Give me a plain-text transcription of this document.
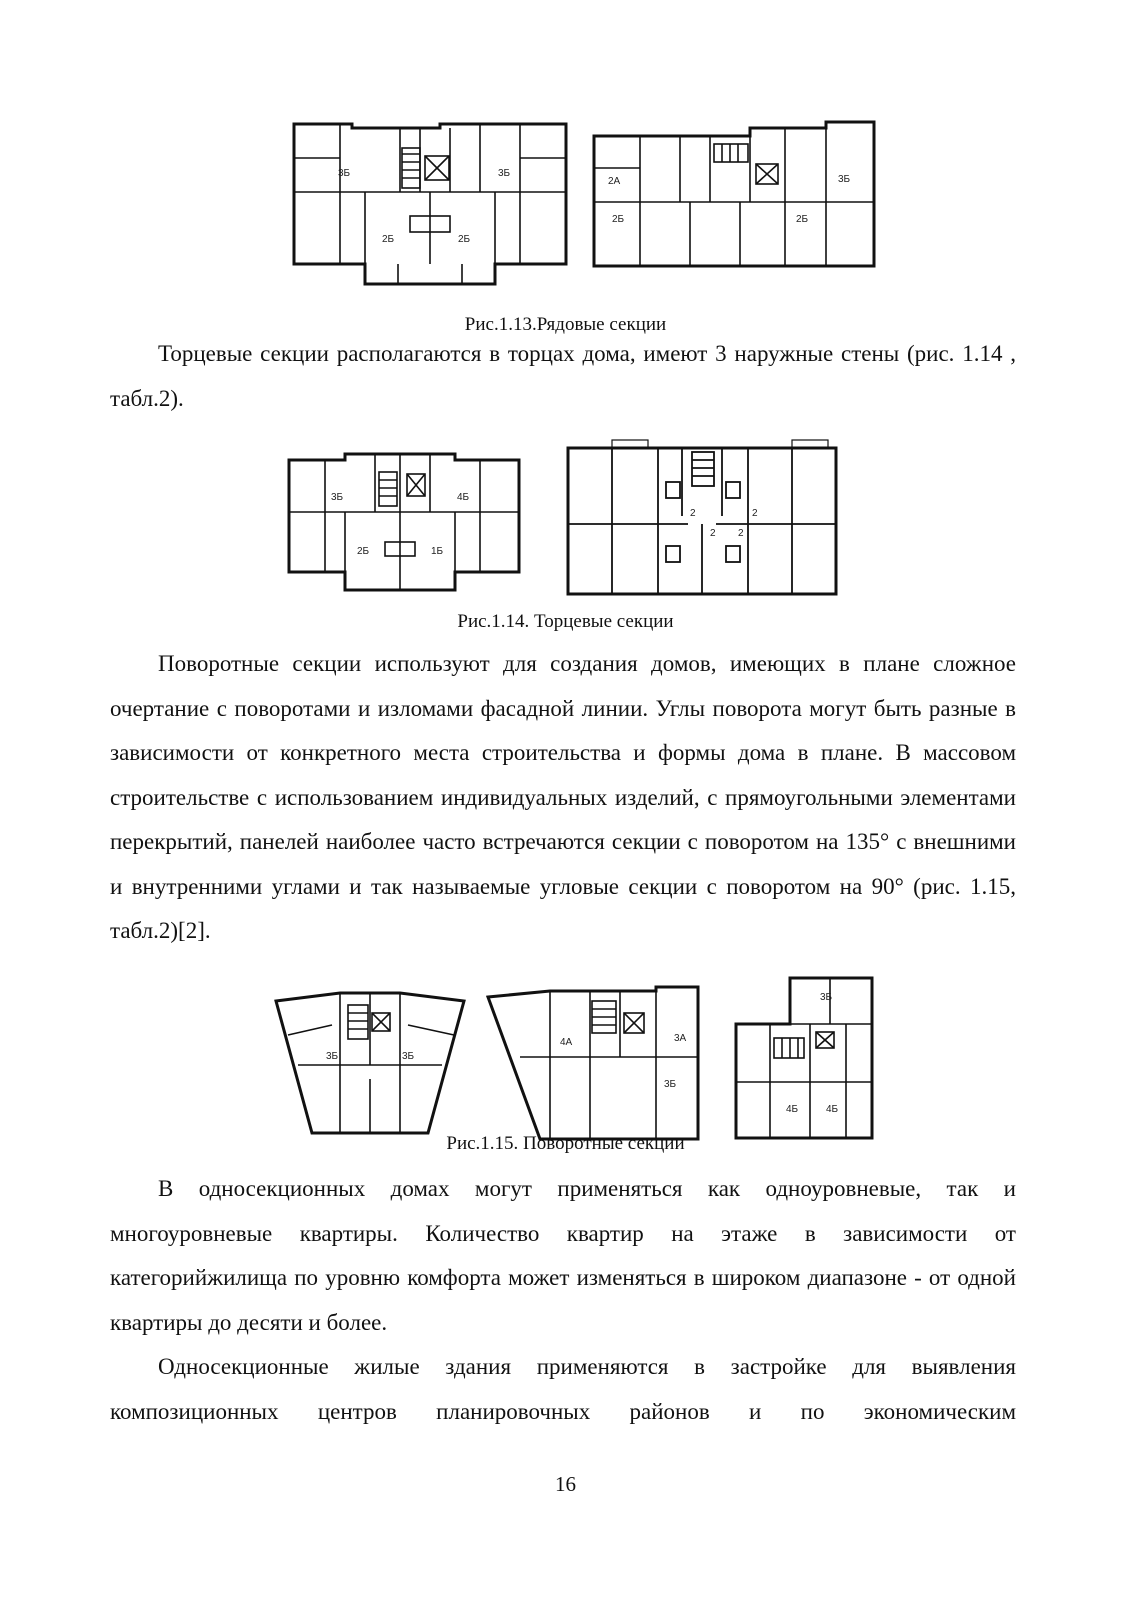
3Б	3Б
2Б	2Б
2А	3Б
2Б	2Б
Рис.1.13.Рядовые секции

Торцевые секции располагаются в торцах дома, имеют 3 наружные стены (рис. 1.14 , табл.2).

3Б	4Б
2Б	1Б
2	2
2 2
Рис.1.14. Торцевые секции

Поворотные секции используют для создания домов, имеющих в плане сложное очертание с поворотами и изломами фасадной линии. Углы поворота могут быть разные в зависимости от конкретного места строительства и формы дома в плане. В массовом строительстве с использованием индивидуальных изделий, с прямоугольными элементами перекрытий, панелей наиболее часто встречаются секции с поворотом на 135° с внешними и внутренними углами и так называемые угловые секции с поворотом на 90° (рис. 1.15, табл.2)[2].

3Б	3Б
4А	3А
3Б
3Б
4Б	4Б
Рис.1.15. Поворотные секции

В односекционных домах могут применяться как одноуровневые, так и многоуровневые квартиры. Количество квартир на этаже в зависимости от категорийжилища по уровню комфорта может изменяться в широком диапазоне - от одной квартиры до десяти и более.

Односекционные жилые здания применяются в застройке для выявления композиционных центров планировочных районов и по экономическим

16
